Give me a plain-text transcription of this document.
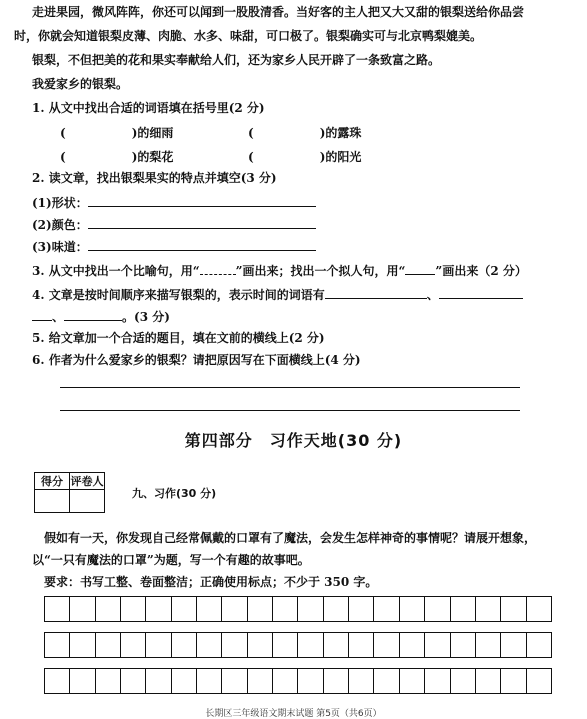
走进果园，微风阵阵，你还可以闻到一股股清香。当好客的主人把又大又甜的银梨送给你品尝
时，你就会知道银梨皮薄、肉脆、水多、味甜，可口极了。银梨确实可与北京鸭梨媲美。
银梨，不但把美的花和果实奉献给人们，还为家乡人民开辟了一条致富之路。
我爱家乡的银梨。
1. 从文中找出合适的词语填在括号里(2 分)
(	)的细雨	(	)的露珠
(	)的梨花	(	)的阳光
2. 读文章，找出银梨果实的特点并填空(3 分)
(1)形状：
(2)颜色：
(3)味道：
3. 从文中找出一个比喻句，用“	”画出来；找出一个拟人句，用“	”画出来（2 分）
4. 文章是按时间顺序来描写银梨的，表示时间的词语有	、
、	。(3 分)
5. 给文章加一个合适的题目，填在文前的横线上(2 分)
6. 作者为什么爱家乡的银梨？请把原因写在下面横线上(4 分)
第四部分　习作天地(30 分)
得分	评卷人

九、习作(30 分)
假如有一天，你发现自己经常佩戴的口罩有了魔法，会发生怎样神奇的事情呢？请展开想象，
以“一只有魔法的口罩”为题，写一个有趣的故事吧。
要求：书写工整、卷面整洁；正确使用标点；不少于 350 字。
长期区三年级语文期末试题 第5页（共6页）
